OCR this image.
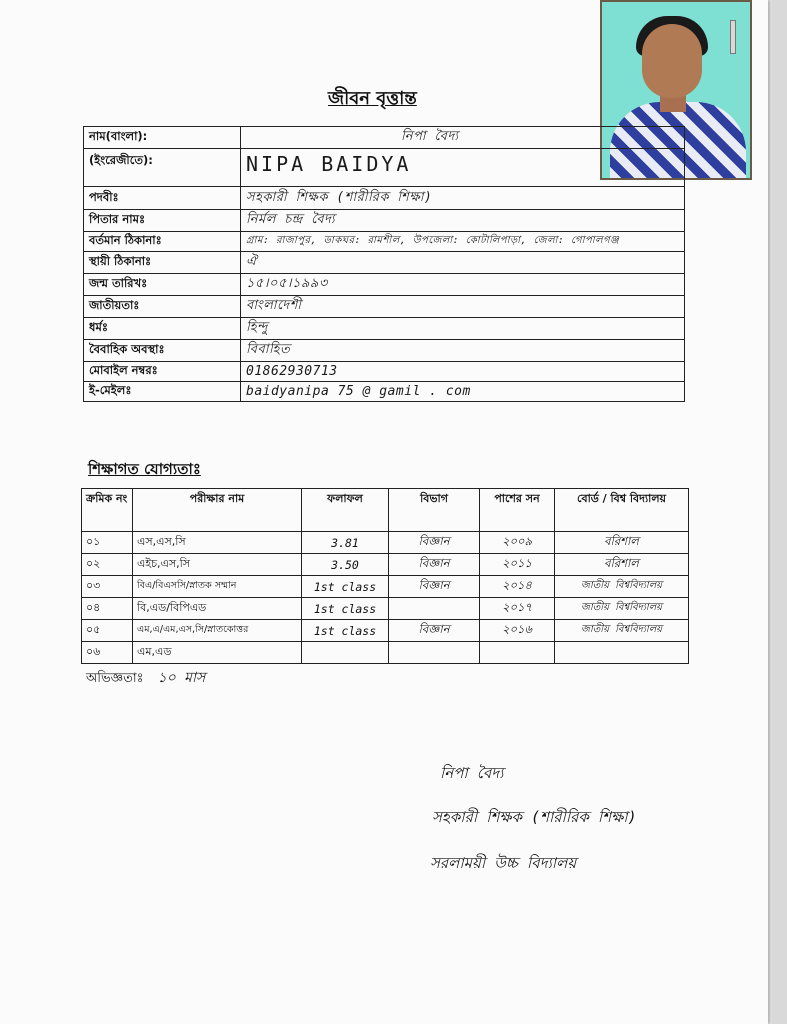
জীবন বৃত্তান্ত
নাম(বাংলা):	নিপা বৈদ্য
(ইংরেজীতে):	NIPA BAIDYA
পদবীঃ	সহকারী শিক্ষক (শারীরিক শিক্ষা)
পিতার নামঃ	নির্মল চন্দ্র বৈদ্য
বর্তমান ঠিকানাঃ	গ্রাম: রাজাপুর, ডাকঘর: রামশীল, উপজেলা: কোটালিপাড়া, জেলা: গোপালগঞ্জ
স্থায়ী ঠিকানাঃ	ঐ
জন্ম তারিখঃ	১৫।০৫।১৯৯৩
জাতীয়তাঃ	বাংলাদেশী
ধর্মঃ	হিন্দু
বৈবাহিক অবস্থাঃ	বিবাহিত
মোবাইল নম্বরঃ	01862930713
ই-মেইলঃ	baidyanipa 75 @ gamil . com
শিক্ষাগত যোগ্যতাঃ
ক্রমিক নং	পরীক্ষার নাম	ফলাফল	বিভাগ	পাশের সন	বোর্ড / বিশ্ব বিদ্যালয়
০১	এস,এস,সি	3.81	বিজ্ঞান	২০০৯	বরিশাল
০২	এইচ,এস,সি	3.50	বিজ্ঞান	২০১১	বরিশাল
০৩	বিএ/বিএসসি/স্নাতক সম্মান	1st class	বিজ্ঞান	২০১৪	জাতীয় বিশ্ববিদ্যালয়
০৪	বি,এড/বিপিএড	1st class		২০১৭	জাতীয় বিশ্ববিদ্যালয়
০৫	এম,এ/এম,এস,সি/স্নাতকোত্তর	1st class	বিজ্ঞান	২০১৬	জাতীয় বিশ্ববিদ্যালয়
০৬	এম,এড				
অভিজ্ঞতাঃ ১০ মাস
নিপা বৈদ্য
সহকারী শিক্ষক (শারীরিক শিক্ষা)
সরলাময়ী উচ্চ বিদ্যালয়
